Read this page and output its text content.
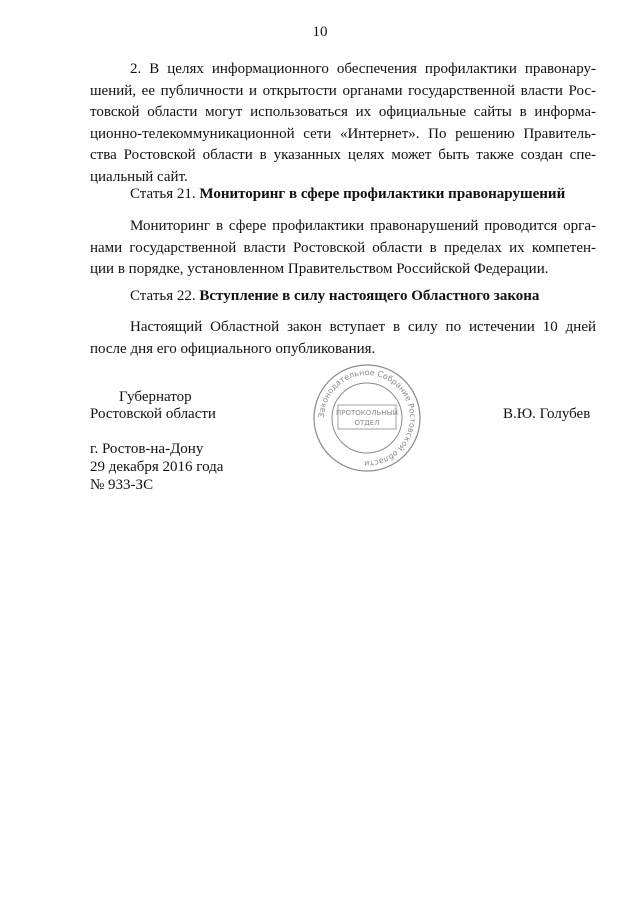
10
2. В целях информационного обеспечения профилактики правонару-
шений, ее публичности и открытости органами государственной власти Рос-
товской области могут использоваться их официальные сайты в информа-
ционно-телекоммуникационной сети «Интернет». По решению Правитель-
ства Ростовской области в указанных целях может быть также создан спе-
циальный сайт.
Статья 21. Мониторинг в сфере профилактики правонарушений
Мониторинг в сфере профилактики правонарушений проводится орга-
нами государственной власти Ростовской области в пределах их компетен-
ции в порядке, установленном Правительством Российской Федерации.
Статья 22. Вступление в силу настоящего Областного закона
Настоящий Областной закон вступает в силу по истечении 10 дней
после дня его официального опубликования.
Губернатор
Ростовской области	В.Ю. Голубев
г. Ростов-на-Дону
29 декабря 2016 года
№ 933-ЗС
Законодательное Собрание Ростовской области
ПРОТОКОЛЬНЫЙ
ОТДЕЛ
